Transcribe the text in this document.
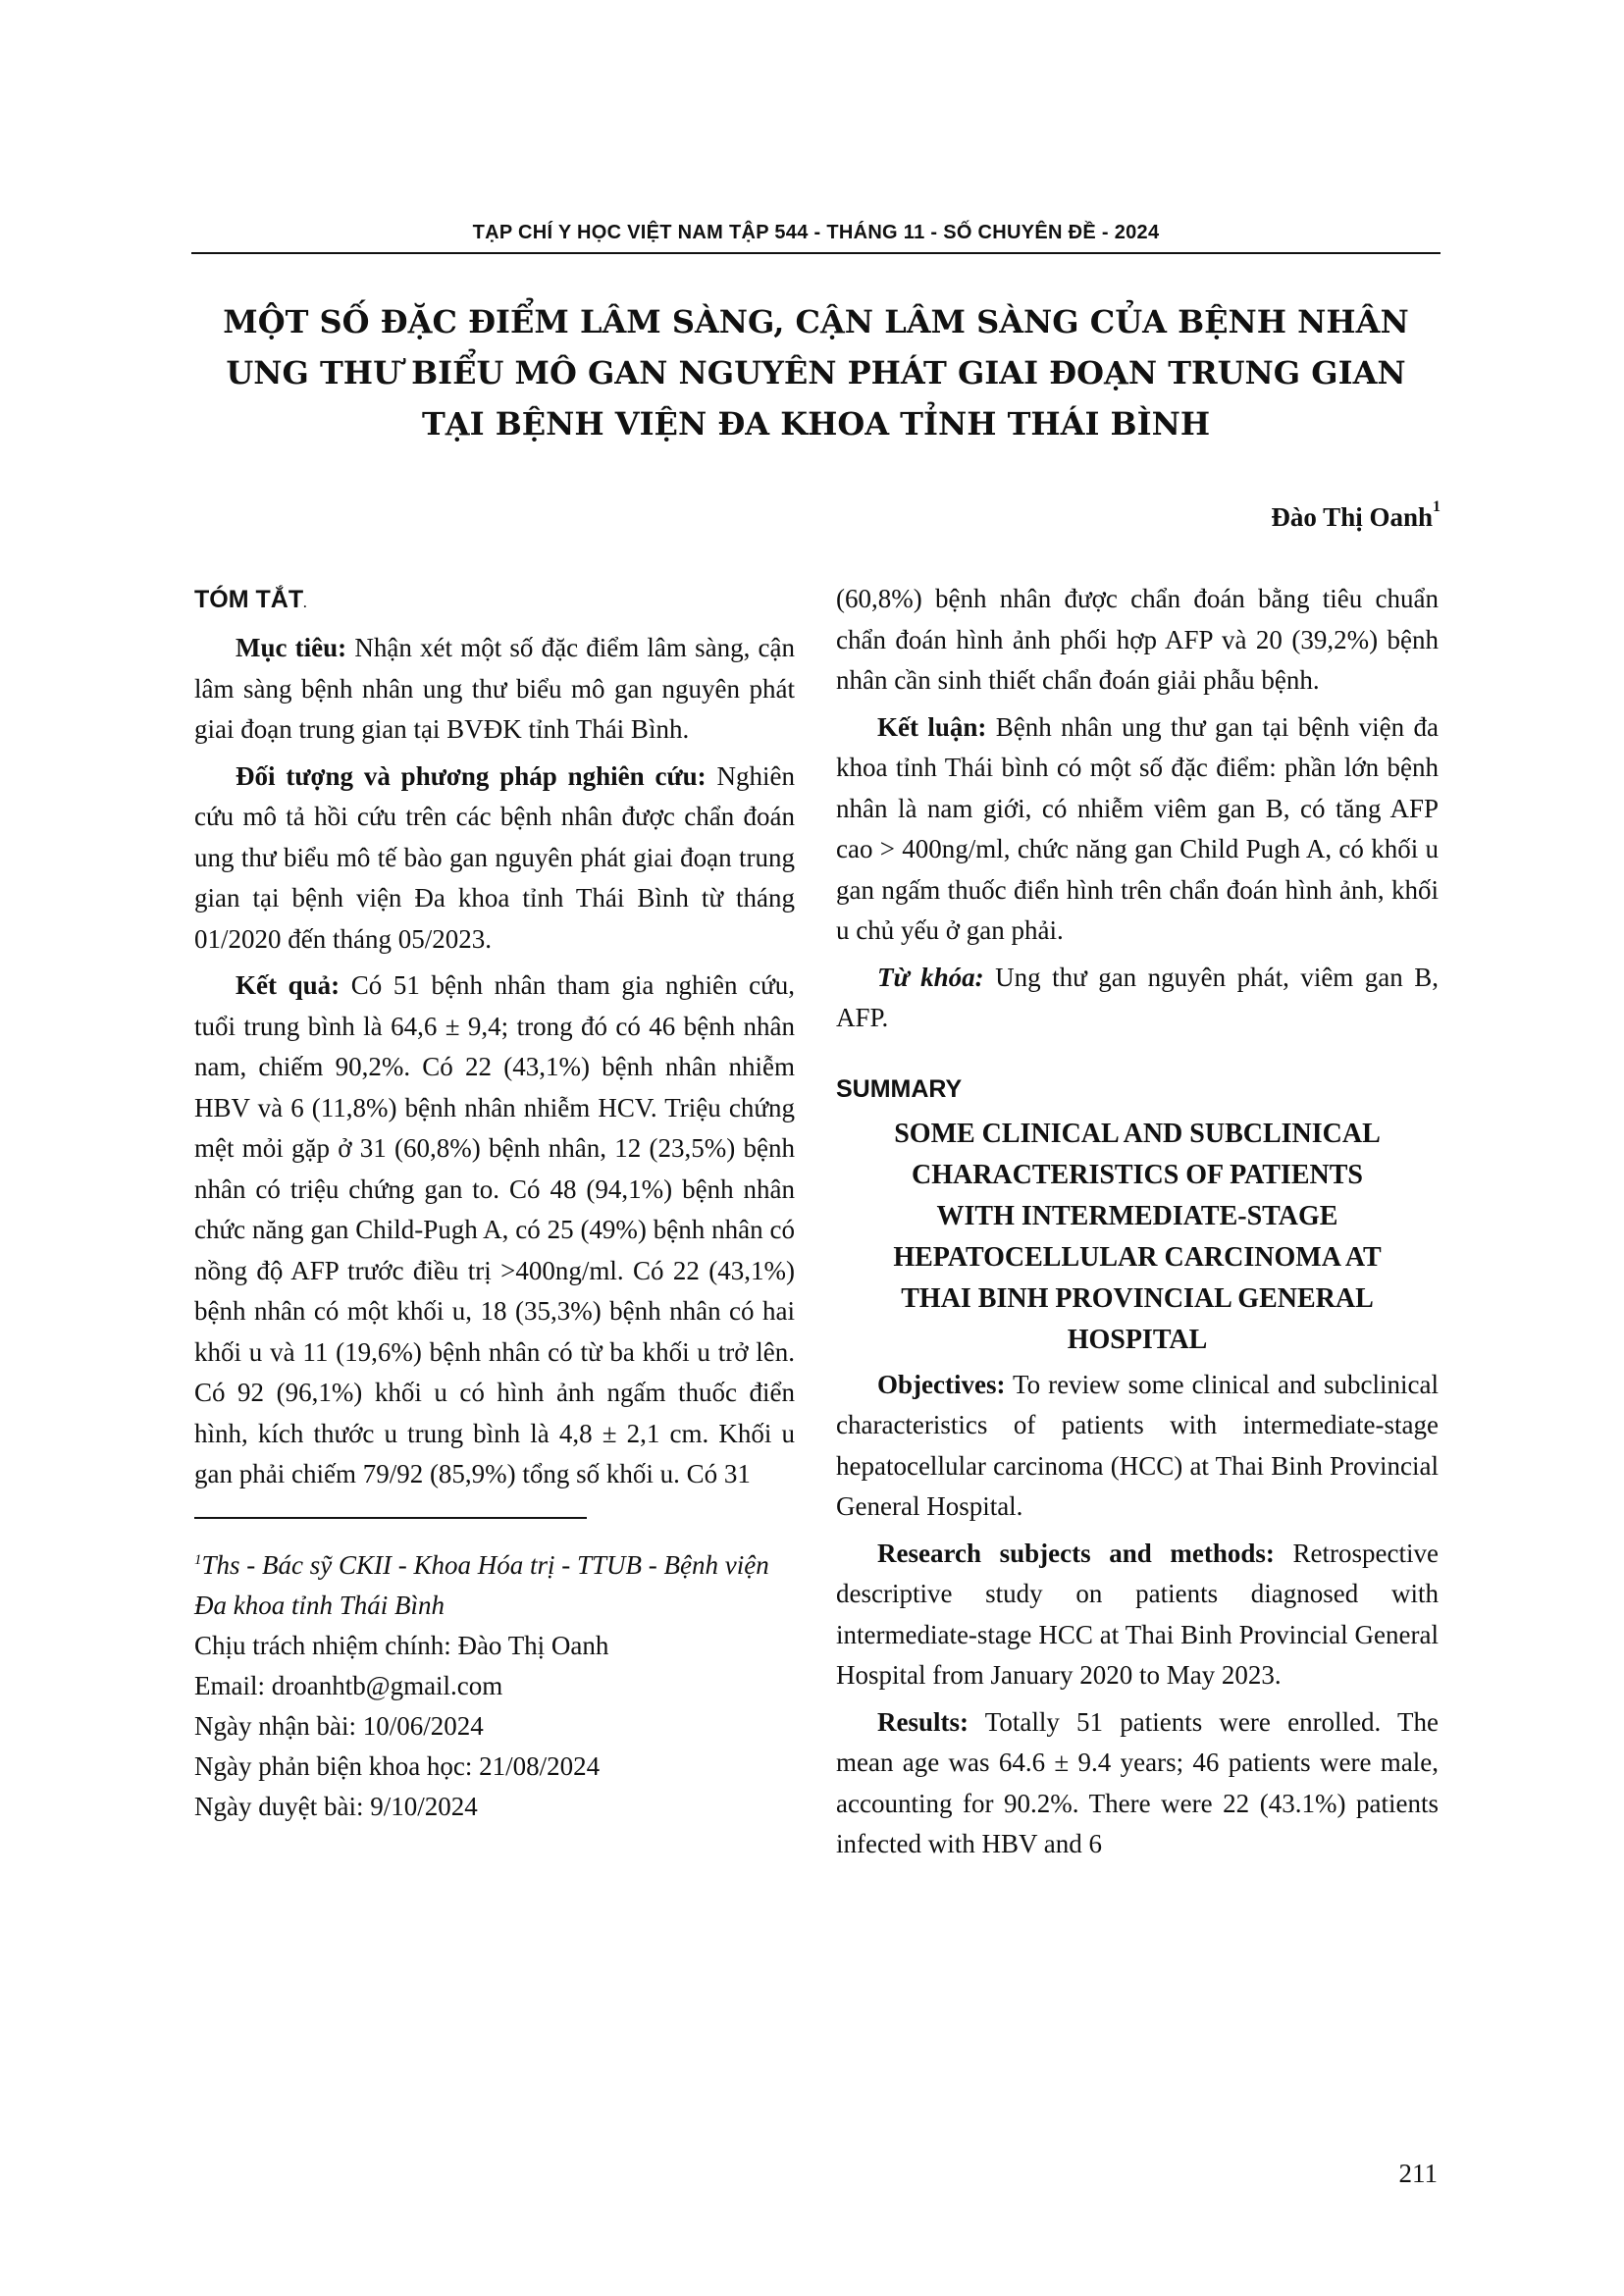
TẠP CHÍ Y HỌC VIỆT NAM TẬP 544 - THÁNG 11 - SỐ CHUYÊN ĐỀ - 2024
MỘT SỐ ĐẶC ĐIỂM LÂM SÀNG, CẬN LÂM SÀNG CỦA BỆNH NHÂN
UNG THƯ BIỂU MÔ GAN NGUYÊN PHÁT GIAI ĐOẠN TRUNG GIAN
TẠI BỆNH VIỆN ĐA KHOA TỈNH THÁI BÌNH
Đào Thị Oanh$^1$
TÓM TẮT.

Mục tiêu: Nhận xét một số đặc điểm lâm sàng, cận lâm sàng bệnh nhân ung thư biểu mô gan nguyên phát giai đoạn trung gian tại BVĐK tỉnh Thái Bình.

Đối tượng và phương pháp nghiên cứu: Nghiên cứu mô tả hồi cứu trên các bệnh nhân được chẩn đoán ung thư biểu mô tế bào gan nguyên phát giai đoạn trung gian tại bệnh viện Đa khoa tỉnh Thái Bình từ tháng 01/2020 đến tháng 05/2023.

Kết quả: Có 51 bệnh nhân tham gia nghiên cứu, tuổi trung bình là 64,6 ± 9,4; trong đó có 46 bệnh nhân nam, chiếm 90,2%. Có 22 (43,1%) bệnh nhân nhiễm HBV và 6 (11,8%) bệnh nhân nhiễm HCV. Triệu chứng mệt mỏi gặp ở 31 (60,8%) bệnh nhân, 12 (23,5%) bệnh nhân có triệu chứng gan to. Có 48 (94,1%) bệnh nhân chức năng gan Child-Pugh A, có 25 (49%) bệnh nhân có nồng độ AFP trước điều trị >400ng/ml. Có 22 (43,1%) bệnh nhân có một khối u, 18 (35,3%) bệnh nhân có hai khối u và 11 (19,6%) bệnh nhân có từ ba khối u trở lên. Có 92 (96,1%) khối u có hình ảnh ngấm thuốc điển hình, kích thước u trung bình là 4,8 ± 2,1 cm. Khối u gan phải chiếm 79/92 (85,9%) tổng số khối u. Có 31

$^1$Ths - Bác sỹ CKII - Khoa Hóa trị - TTUB - Bệnh viện Đa khoa tỉnh Thái Bình

Chịu trách nhiệm chính: Đào Thị Oanh

Email: droanhtb@gmail.com

Ngày nhận bài: 10/06/2024

Ngày phản biện khoa học: 21/08/2024

Ngày duyệt bài: 9/10/2024

(60,8%) bệnh nhân được chẩn đoán bằng tiêu chuẩn chẩn đoán hình ảnh phối hợp AFP và 20 (39,2%) bệnh nhân cần sinh thiết chẩn đoán giải phẫu bệnh.

Kết luận: Bệnh nhân ung thư gan tại bệnh viện đa khoa tỉnh Thái bình có một số đặc điểm: phần lớn bệnh nhân là nam giới, có nhiễm viêm gan B, có tăng AFP cao > 400ng/ml, chức năng gan Child Pugh A, có khối u gan ngấm thuốc điển hình trên chẩn đoán hình ảnh, khối u chủ yếu ở gan phải.

Từ khóa: Ung thư gan nguyên phát, viêm gan B, AFP.

SUMMARY
SOME CLINICAL AND SUBCLINICAL
CHARACTERISTICS OF PATIENTS
WITH INTERMEDIATE-STAGE
HEPATOCELLULAR CARCINOMA AT
THAI BINH PROVINCIAL GENERAL
HOSPITAL

Objectives: To review some clinical and subclinical characteristics of patients with intermediate-stage hepatocellular carcinoma (HCC) at Thai Binh Provincial General Hospital.

Research subjects and methods: Retrospective descriptive study on patients diagnosed with intermediate-stage HCC at Thai Binh Provincial General Hospital from January 2020 to May 2023.

Results: Totally 51 patients were enrolled. The mean age was 64.6 ± 9.4 years; 46 patients were male, accounting for 90.2%. There were 22 (43.1%) patients infected with HBV and 6

211
